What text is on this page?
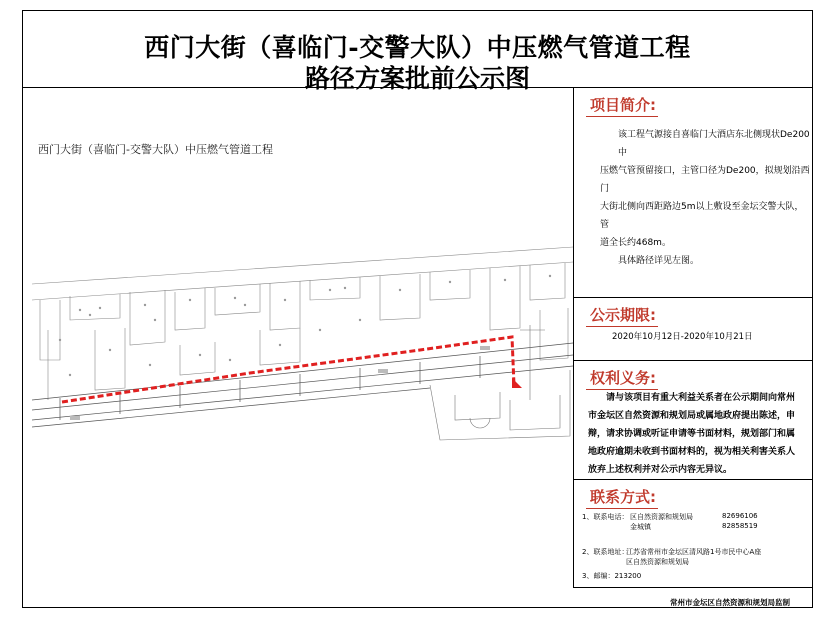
西门大街（喜临门-交警大队）中压燃气管道工程
路径方案批前公示图
西门大街（喜临门-交警大队）中压燃气管道工程
项目简介:
该工程气源接自喜临门大酒店东北侧现状De200中
压燃气管预留接口，主管口径为De200，拟规划沿西门
大街北侧向西距路边5m以上敷设至金坛交警大队，管
道全长约468m。
具体路径详见左图。
公示期限:
2020年10月12日-2020年10月21日
权利义务:
请与该项目有重大利益关系者在公示期间向常州
市金坛区自然资源和规划局或属地政府提出陈述，申
辩，请求协调或听证申请等书面材料，规划部门和属
地政府逾期未收到书面材料的，视为相关利害关系人
放弃上述权利并对公示内容无异议。
联系方式:
1、联系电话： 区自然资源和规划局	82696106
金城镇	82858519
2、联系地址：
江苏省常州市金坛区清风路1号市民中心A座
区自然资源和规划局
3、邮编：213200
常州市金坛区自然资源和规划局监制
